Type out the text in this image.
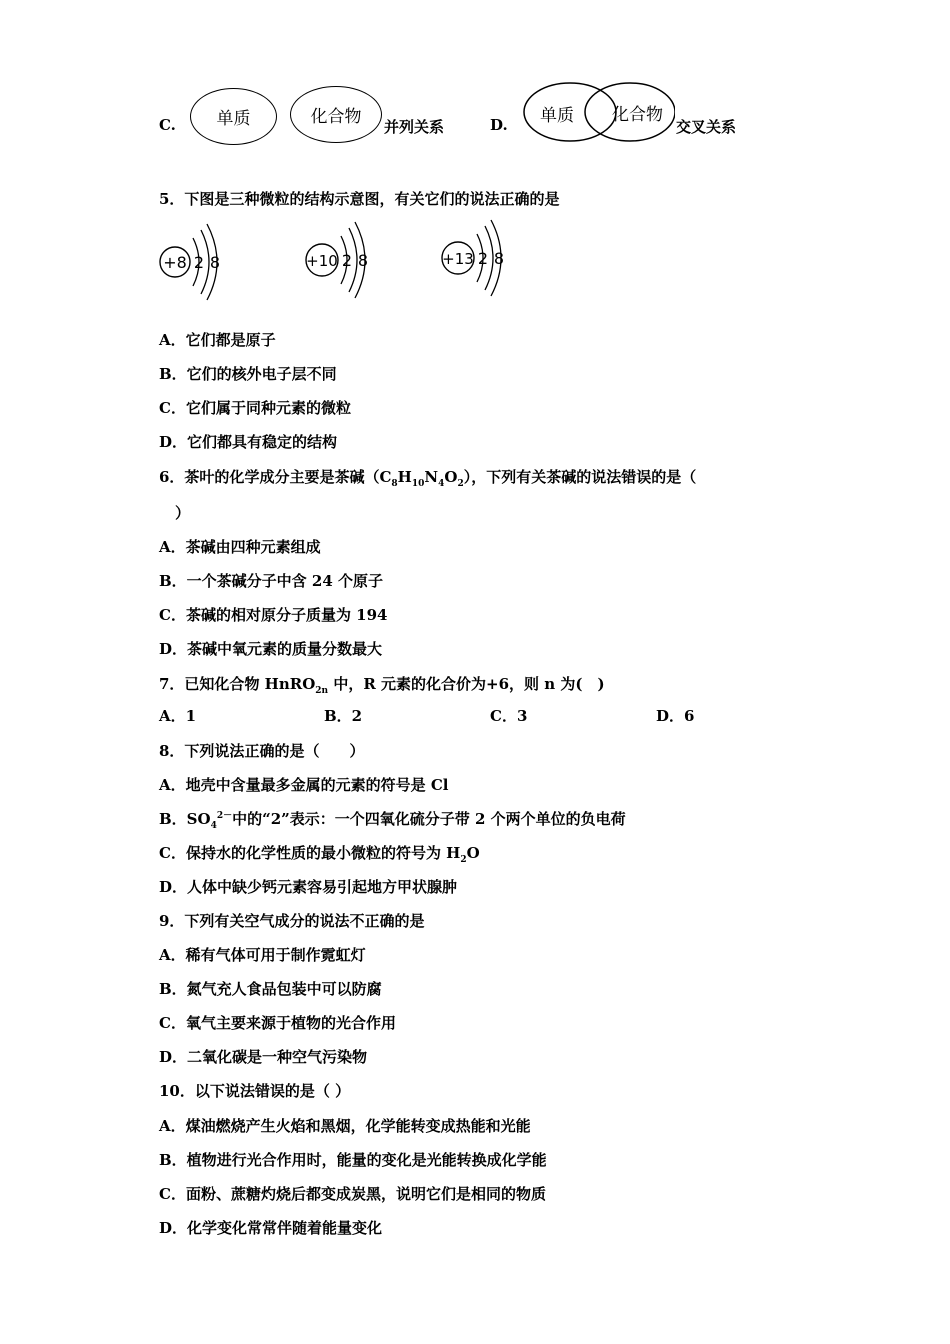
C. 单质	化合物 并列关系	D. 单质 化合物
交叉关系
5．下图是三种微粒的结构示意图，有关它们的说法正确的是
+8 2 8	+10 2 8	+13 2 8
A．它们都是原子
B．它们的核外电子层不同
C．它们属于同种元素的微粒
D．它们都具有稳定的结构
6．茶叶的化学成分主要是茶碱$(C_8H_{10}N_4O_2)$，下列有关茶碱的说法错误的是（
）
A．茶碱由四种元素组成
B．一个茶碱分子中含 24 个原子
C．茶碱的相对原分子质量为 194
D．茶碱中氧元素的质量分数最大
7．已知化合物 HnRO$_{2n}$ 中，R 元素的化合价为+6，则 n 为(　)
A．1	B．2	C．3	D．6
8．下列说法正确的是（　　）
A．地壳中含量最多金属的元素的符号是 Cl
B．$SO_4^{2-}$中的“2”表示：一个四氧化硫分子带 2 个两个单位的负电荷
C．保持水的化学性质的最小微粒的符号为 $H_2O$
D．人体中缺少钙元素容易引起地方甲状腺肿
9．下列有关空气成分的说法不正确的是
A．稀有气体可用于制作霓虹灯
B．氮气充人食品包装中可以防腐
C．氧气主要来源于植物的光合作用
D．二氧化碳是一种空气污染物
10．以下说法错误的是（ ）
A．煤油燃烧产生火焰和黑烟，化学能转变成热能和光能
B．植物进行光合作用时，能量的变化是光能转换成化学能
C．面粉、蔗糖灼烧后都变成炭黑，说明它们是相同的物质
D．化学变化常常伴随着能量变化
